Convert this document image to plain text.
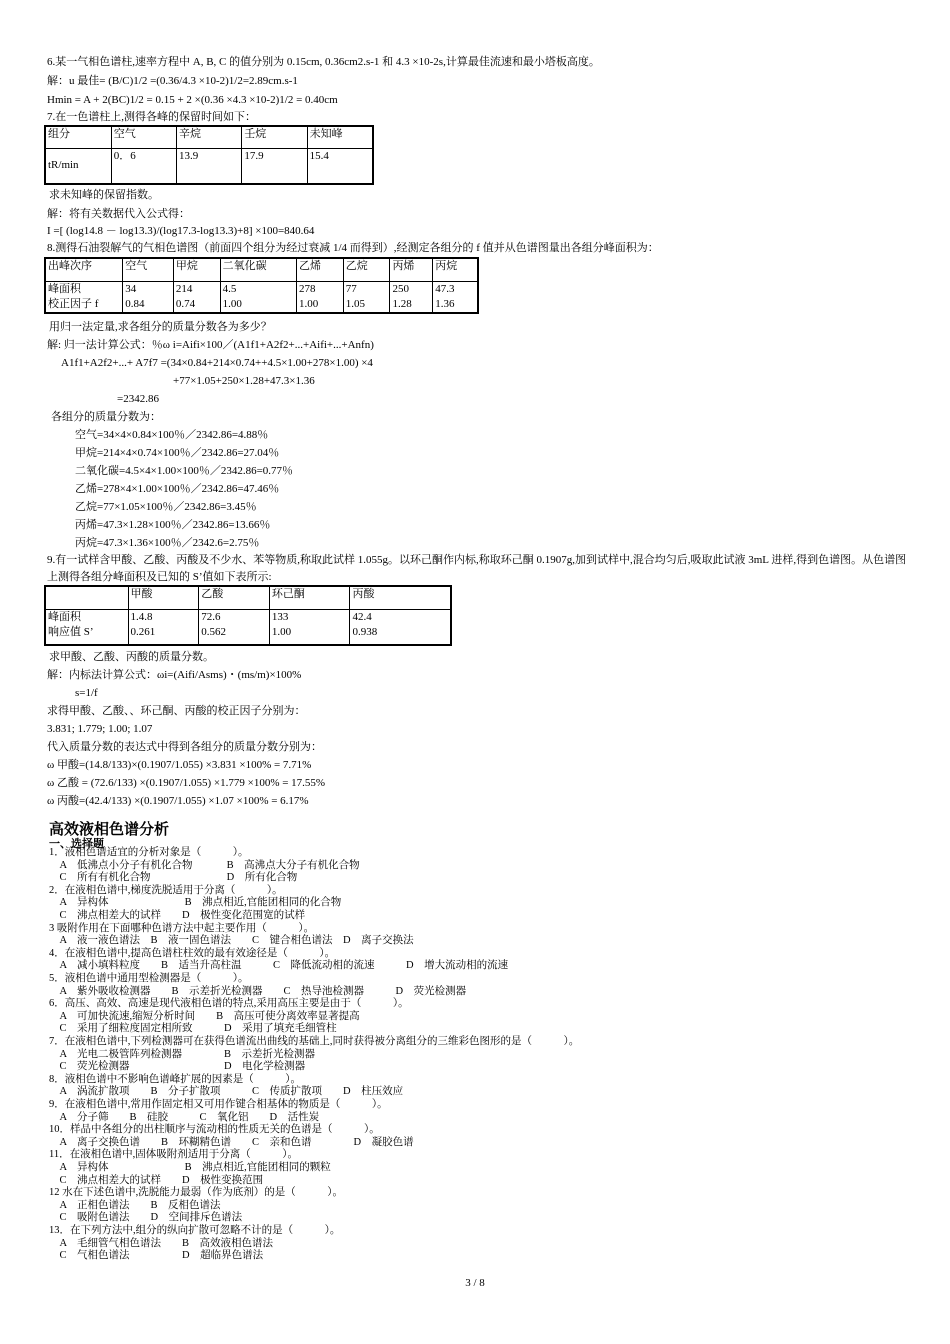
6.某一气相色谱柱,速率方程中 A, B, C 的值分别为 0.15cm, 0.36cm2.s-1 和 4.3 ×10-2s,计算最佳流速和最小塔板高度。
解：u 最佳= (B/C)1/2 =(0.36/4.3 ×10-2)1/2=2.89cm.s-1
Hmin = A + 2(BC)1/2 = 0.15 + 2 ×(0.36 ×4.3 ×10-2)1/2 = 0.40cm
7.在一色谱柱上,测得各峰的保留时间如下：
组分	空气	辛烷	壬烷	未知峰
tR/min	0．6	13.9	17.9	15.4
求未知峰的保留指数。
解：将有关数据代入公式得：
I =[ (log14.8 － log13.3)/(log17.3-log13.3)+8] ×100=840.64
8.测得石油裂解气的气相色谱图（前面四个组分为经过衰减 1/4 而得到）,经测定各组分的 f 值并从色谱图量出各组分峰面积为：
出峰次序	空气	甲烷	二氧化碳	乙烯	乙烷	丙烯	丙烷
峰面积	34	214	4.5	278	77	250	47.3
校正因子 f	0.84	0.74	1.00	1.00	1.05	1.28	1.36
用归一法定量,求各组分的质量分数各为多少？
解: 归一法计算公式：％ω i=Aifi×100／(A1f1+A2f2+...+Aifi+...+Anfn)
A1f1+A2f2+...+ A7f7 =(34×0.84+214×0.74++4.5×1.00+278×1.00) ×4
+77×1.05+250×1.28+47.3×1.36
=2342.86
各组分的质量分数为：
空气=34×4×0.84×100％／2342.86=4.88％
甲烷=214×4×0.74×100％／2342.86=27.04％
二氧化碳=4.5×4×1.00×100％／2342.86=0.77％
乙烯=278×4×1.00×100％／2342.86=47.46％
乙烷=77×1.05×100％／2342.86=3.45％
丙烯=47.3×1.28×100％／2342.86=13.66％
丙烷=47.3×1.36×100％／2342.6=2.75％
9.有一试样含甲酸、乙酸、丙酸及不少水、苯等物质,称取此试样 1.055g。以环己酮作内标,称取环己酮 0.1907g,加到试样中,混合均匀后,吸取此试液 3mL 进样,得到色谱图。从色谱图上测得各组分峰面积及已知的 S’值如下表所示:
	甲酸	乙酸	环己酮	丙酸
峰面积	1.4.8	72.6	133	42.4
响应值 S’	0.261	0.562	1.00	0.938
求甲酸、乙酸、丙酸的质量分数。
解：内标法计算公式：ωi=(Aifi/Asms)・(ms/m)×100%
s=1/f
求得甲酸、乙酸、、环己酮、丙酸的校正因子分别为：
3.831; 1.779; 1.00; 1.07
代入质量分数的表达式中得到各组分的质量分数分别为：
ω 甲酸=(14.8/133)×(0.1907/1.055) ×3.831 ×100% = 7.71%
ω 乙酸 = (72.6/133) ×(0.1907/1.055) ×1.779 ×100% = 17.55%
ω 丙酸=(42.4/133) ×(0.1907/1.055) ×1.07 ×100% = 6.17%
高效液相色谱分析
一、选择题
1．液相色谱适宜的分析对象是（　　　）。
　A　低沸点小分子有机化合物　　　 B　高沸点大分子有机化合物
　C　所有有机化合物　　　　　　　 D　所有化合物
2．在液相色谱中,梯度洗脱适用于分离（　　　）。
　A　异构体　　　　　　　 B　沸点相近,官能团相同的化合物
　C　沸点相差大的试样　　D　极性变化范围宽的试样
3 吸附作用在下面哪种色谱方法中起主要作用（　　　）。
　A　液一液色谱法　B　液一固色谱法　　C　键合相色谱法　D　离子交换法
4．在液相色谱中,提高色谱柱柱效的最有效途径是（　　　）。
　A　减小填料粒度　　B　适当升高柱温　　　C　降低流动相的流速　　　D　增大流动相的流速
5．液相色谱中通用型检测器是（　　　）。
　A　紫外吸收检测器　　B　示差折光检测器　　C　热导池检测器　　　D　荧光检测器
6．高压、高效、高速是现代液相色谱的特点,采用高压主要是由于（　　　）。
　A　可加快流速,缩短分析时间　　B　高压可使分离效率显著提高
　C　采用了细粒度固定相所致　　　D　采用了填充毛细管柱
7．在液相色谱中,下列检测器可在获得色谱流出曲线的基础上,同时获得被分离组分的三维彩色图形的是（　　　）。
　A　光电二极管阵列检测器　　　　B　示差折光检测器
　C　荧光检测器　　　　　　　　　D　电化学检测器
8．液相色谱中不影响色谱峰扩展的因素是（　　　）。
　A　涡流扩散项　　B　分子扩散项　　　C　传质扩散项　　D　柱压效应
9．在液相色谱中,常用作固定相又可用作键合相基体的物质是（　　　）。
　A　分子筛　　B　硅胶　　　C　氧化铝　　D　活性炭
10．样品中各组分的出柱顺序与流动相的性质无关的色谱是（　　　）。
　A　离子交换色谱　　B　环糊精色谱　　C　亲和色谱　　　　D　凝胶色谱
11．在液相色谱中,固体吸附剂适用于分离（　　　）。
　A　异构体　　　　　　　 B　沸点相近,官能团相同的颗粒
　C　沸点相差大的试样　　D　极性变换范围
12 水在下述色谱中,洗脱能力最弱（作为底剂）的是（　　　）。
　A　正相色谱法　　B　反相色谱法
　C　吸附色谱法　　D　空间排斥色谱法
13．在下列方法中,组分的纵向扩散可忽略不计的是（　　　）。
　A　毛细管气相色谱法　　B　高效液相色谱法
　C　气相色谱法　　　　　D　超临界色谱法
3 / 8
